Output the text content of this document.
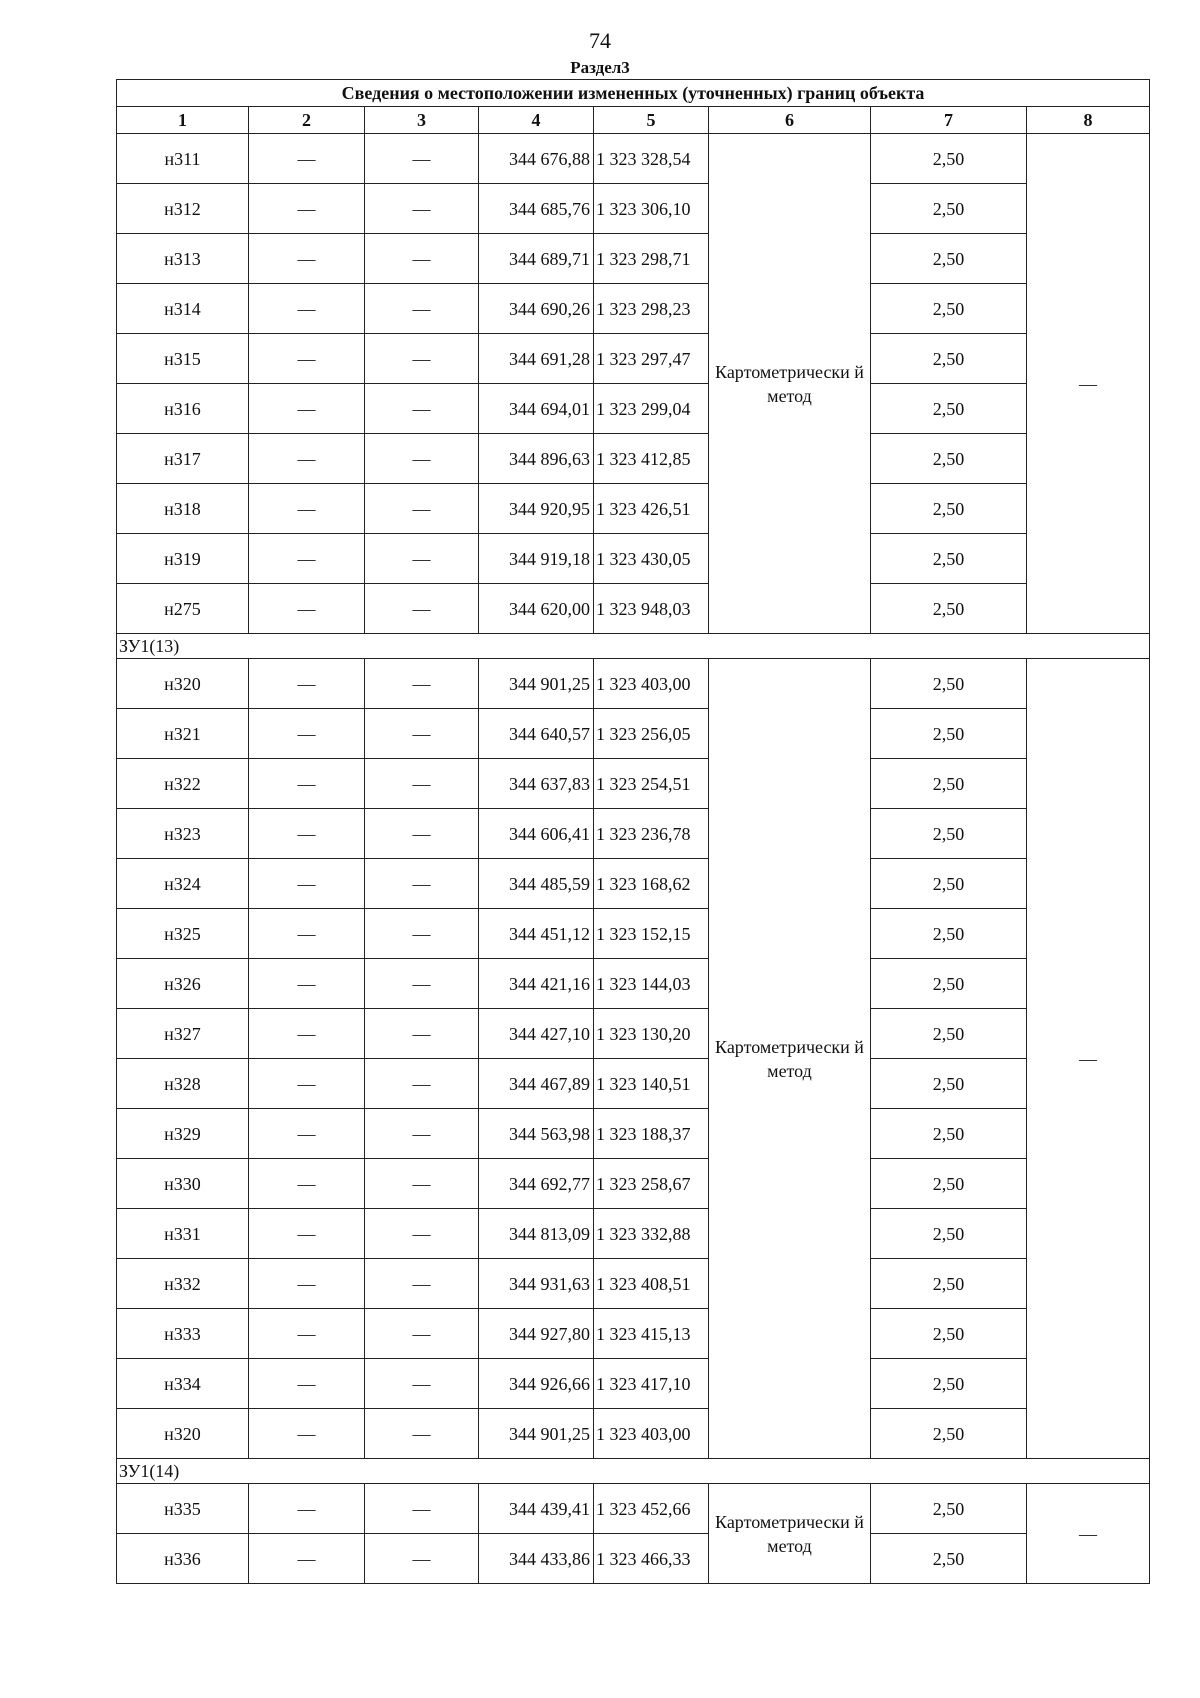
74
Раздел3
Сведения о местоположении измененных (уточненных) границ объекта							
1	2	3	4	5	6	7	8
н311	—	—	344 676,88	1 323 328,54	Картометрически й метод	2,50	—
н312	—	—	344 685,76	1 323 306,10		2,50	
н313	—	—	344 689,71	1 323 298,71		2,50	
н314	—	—	344 690,26	1 323 298,23		2,50	
н315	—	—	344 691,28	1 323 297,47		2,50	
н316	—	—	344 694,01	1 323 299,04		2,50	
н317	—	—	344 896,63	1 323 412,85		2,50	
н318	—	—	344 920,95	1 323 426,51		2,50	
н319	—	—	344 919,18	1 323 430,05		2,50	
н275	—	—	344 620,00	1 323 948,03		2,50	
ЗУ1(13)							
н320	—	—	344 901,25	1 323 403,00	Картометрически й метод	2,50	—
н321	—	—	344 640,57	1 323 256,05		2,50	
н322	—	—	344 637,83	1 323 254,51		2,50	
н323	—	—	344 606,41	1 323 236,78		2,50	
н324	—	—	344 485,59	1 323 168,62		2,50	
н325	—	—	344 451,12	1 323 152,15		2,50	
н326	—	—	344 421,16	1 323 144,03		2,50	
н327	—	—	344 427,10	1 323 130,20		2,50	
н328	—	—	344 467,89	1 323 140,51		2,50	
н329	—	—	344 563,98	1 323 188,37		2,50	
н330	—	—	344 692,77	1 323 258,67		2,50	
н331	—	—	344 813,09	1 323 332,88		2,50	
н332	—	—	344 931,63	1 323 408,51		2,50	
н333	—	—	344 927,80	1 323 415,13		2,50	
н334	—	—	344 926,66	1 323 417,10		2,50	
н320	—	—	344 901,25	1 323 403,00		2,50	
ЗУ1(14)							
н335	—	—	344 439,41	1 323 452,66	Картометрически й метод	2,50	—
н336	—	—	344 433,86	1 323 466,33		2,50	
